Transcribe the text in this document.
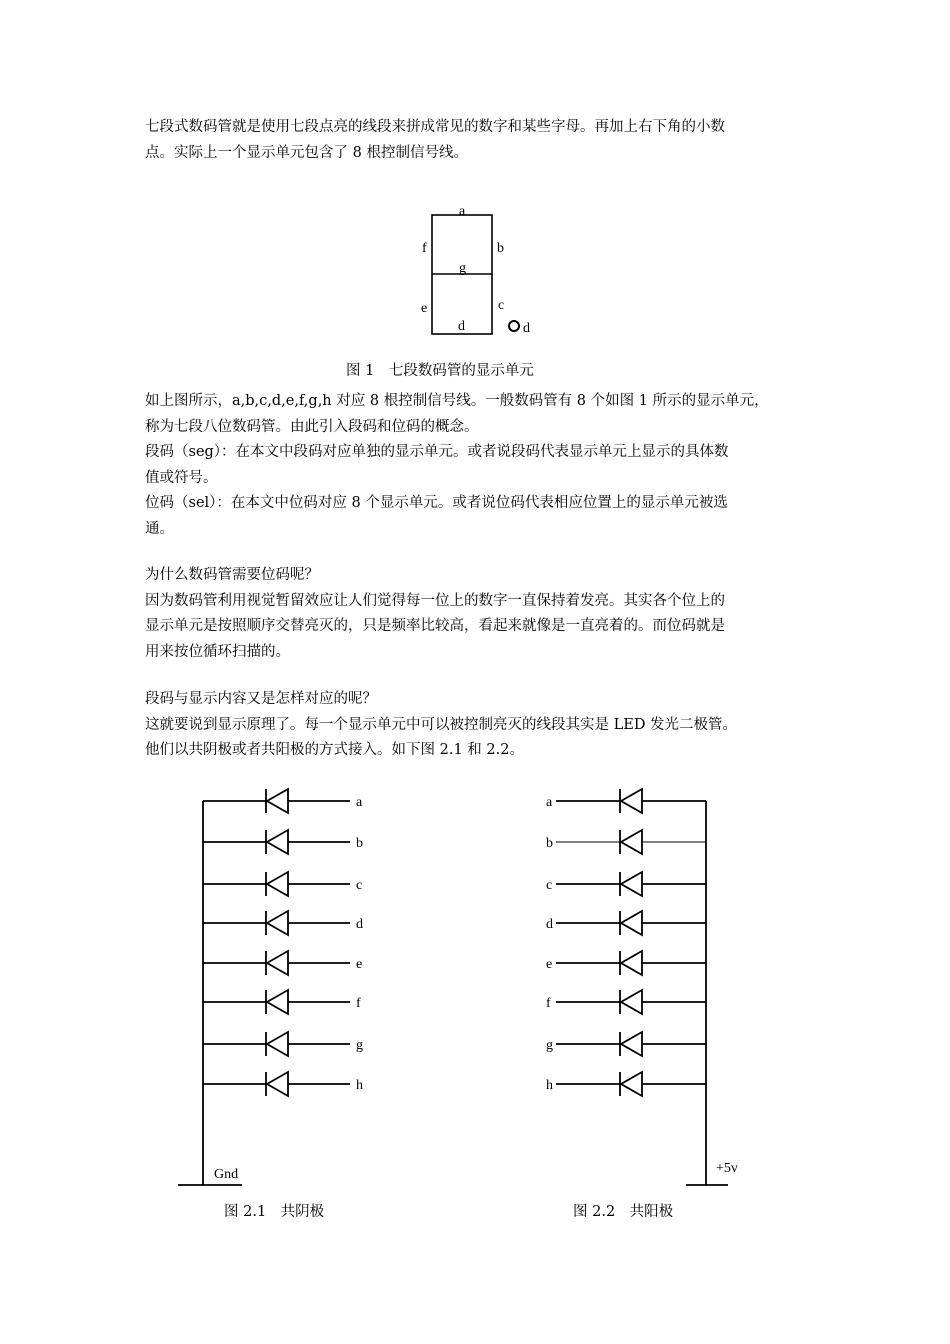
七段式数码管就是使用七段点亮的线段来拼成常见的数字和某些字母。再加上右下角的小数
点。实际上一个显示单元包含了 8 根控制信号线。
a
b
c
d
e
f
g
d
图 1　七段数码管的显示单元
如上图所示，a,b,c,d,e,f,g,h 对应 8 根控制信号线。一般数码管有 8 个如图 1 所示的显示单元，
称为七段八位数码管。由此引入段码和位码的概念。
段码（seg）：在本文中段码对应单独的显示单元。或者说段码代表显示单元上显示的具体数
值或符号。
位码（sel）：在本文中位码对应 8 个显示单元。或者说位码代表相应位置上的显示单元被选
通。
为什么数码管需要位码呢？
因为数码管利用视觉暂留效应让人们觉得每一位上的数字一直保持着发亮。其实各个位上的
显示单元是按照顺序交替亮灭的，只是频率比较高，看起来就像是一直亮着的。而位码就是
用来按位循环扫描的。
段码与显示内容又是怎样对应的呢？
这就要说到显示原理了。每一个显示单元中可以被控制亮灭的线段其实是 LED 发光二极管。
他们以共阴极或者共阳极的方式接入。如下图 2.1 和 2.2。
a
b
c
d
e
f
g
h
Gnd
图 2.1　共阴极
a
b
c
d
e
f
g
h
+5v
图 2.2　共阳极
